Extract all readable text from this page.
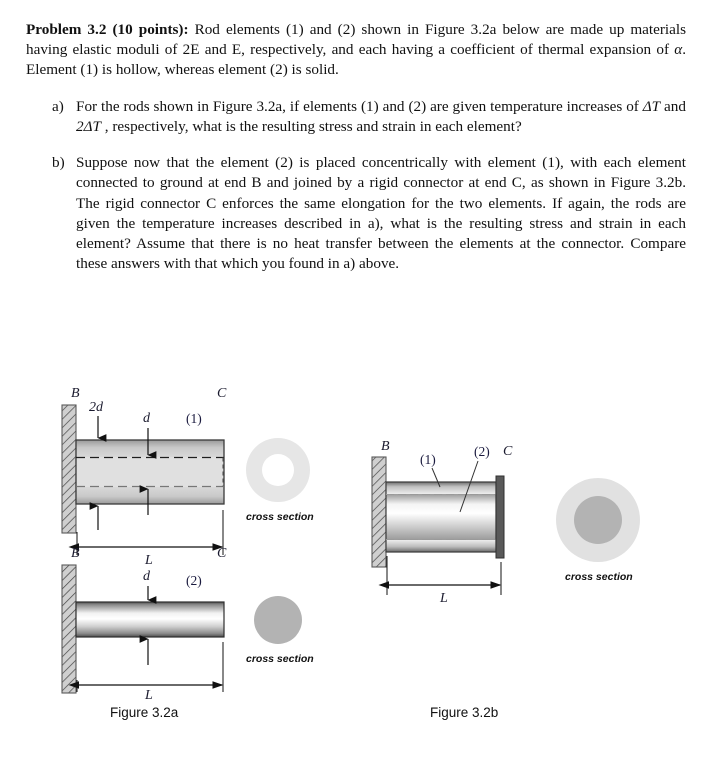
Problem 3.2 (10 points): Rod elements (1) and (2) shown in Figure 3.2a below are made up materials having elastic moduli of 2E and E, respectively, and each having a coefficient of thermal expansion of α. Element (1) is hollow, whereas element (2) is solid.

a) For the rods shown in Figure 3.2a, if elements (1) and (2) are given temperature increases of ΔT and 2ΔT , respectively, what is the resulting stress and strain in each element?
b) Suppose now that the element (2) is placed concentrically with element (1), with each element connected to ground at end B and joined by a rigid connector at end C, as shown in Figure 3.2b. The rigid connector C enforces the same elongation for the two elements. If again, the rods are given the temperature increases described in a), what is the resulting stress and strain in each element? Assume that there is no heat transfer between the elements at the connector. Compare these answers with that which you found in a) above.
B	C
2d
d	(1)
L
cross section
B	C
d	(2)
L
cross section
B	C
(1)
(2)
L
cross section
Figure 3.2a	Figure 3.2b
